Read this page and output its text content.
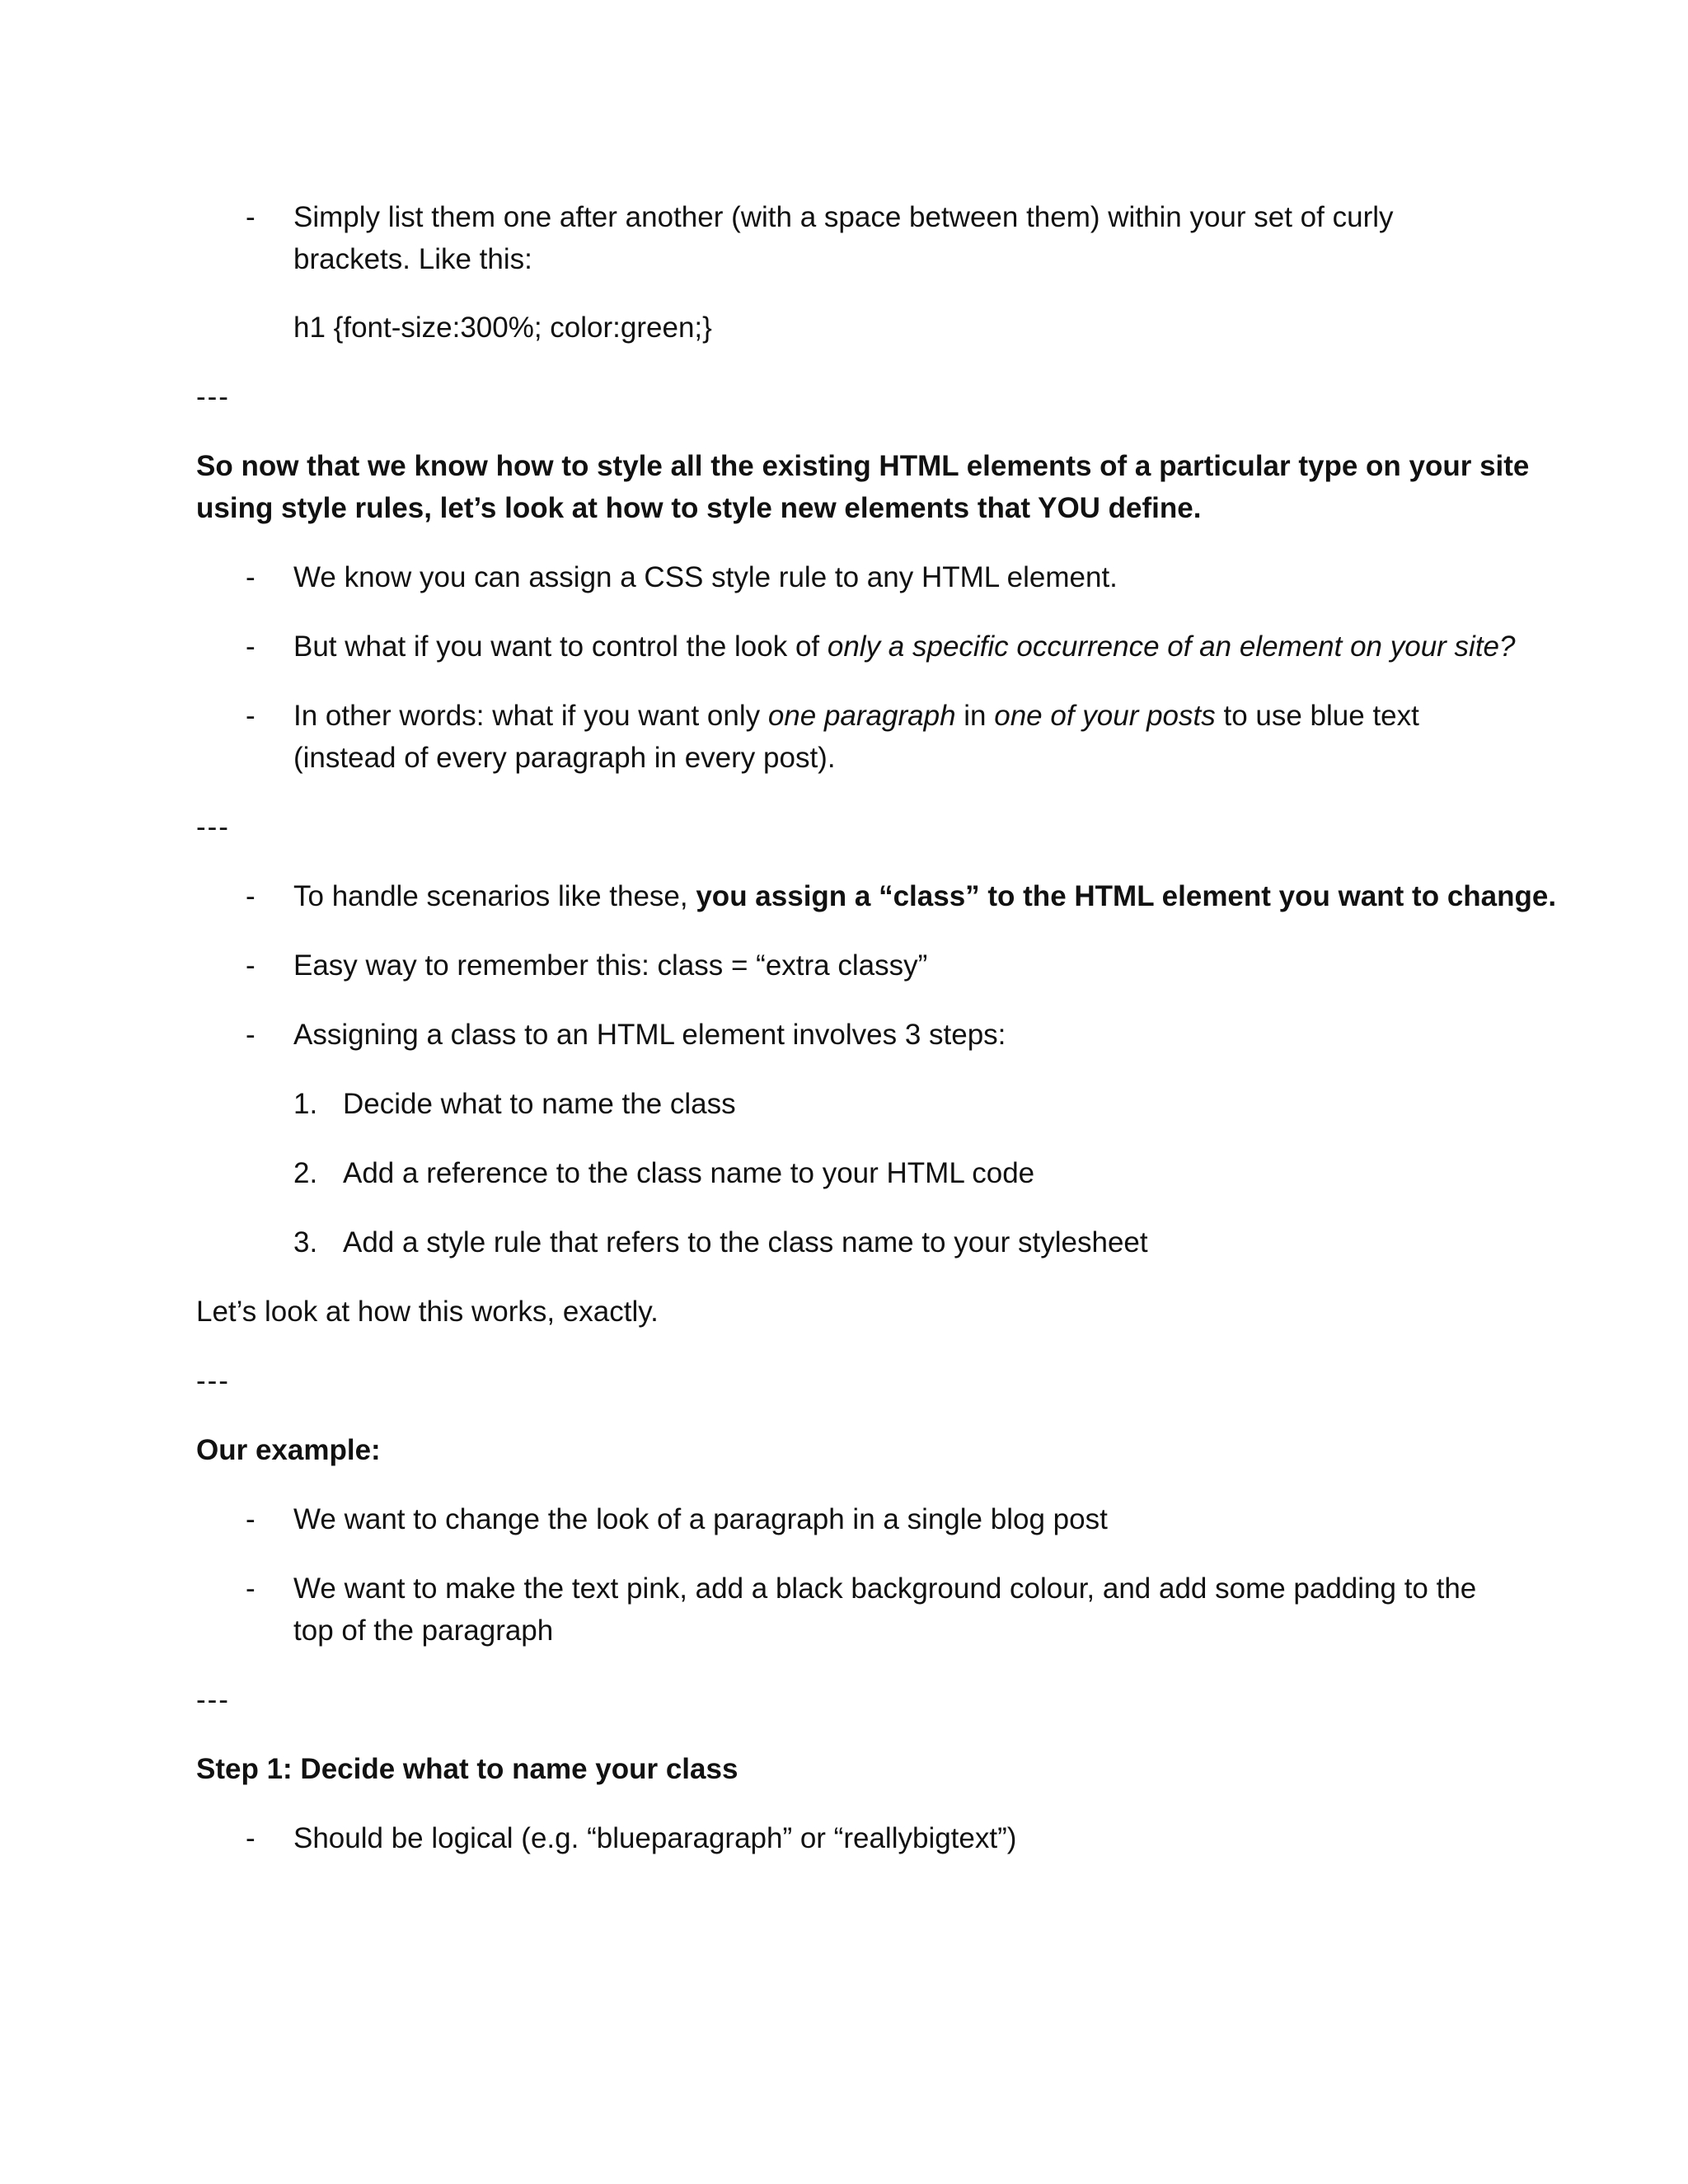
- Simply list them one after another (with a space between them) within your set of curly
brackets. Like this:
h1 {font-size:300%; color:green;}
---
So now that we know how to style all the existing HTML elements of a particular type on your site
using style rules, let’s look at how to style new elements that YOU define.
- We know you can assign a CSS style rule to any HTML element.
- But what if you want to control the look of only a specific occurrence of an element on your site?
- In other words: what if you want only one paragraph in one of your posts to use blue text
(instead of every paragraph in every post).
---
- To handle scenarios like these, you assign a “class” to the HTML element you want to change.
- Easy way to remember this: class = “extra classy”
- Assigning a class to an HTML element involves 3 steps:
1. Decide what to name the class
2. Add a reference to the class name to your HTML code
3. Add a style rule that refers to the class name to your stylesheet
Let’s look at how this works, exactly.
---
Our example:
- We want to change the look of a paragraph in a single blog post
- We want to make the text pink, add a black background colour, and add some padding to the
top of the paragraph
---
Step 1: Decide what to name your class
- Should be logical (e.g. “blueparagraph” or “reallybigtext”)
